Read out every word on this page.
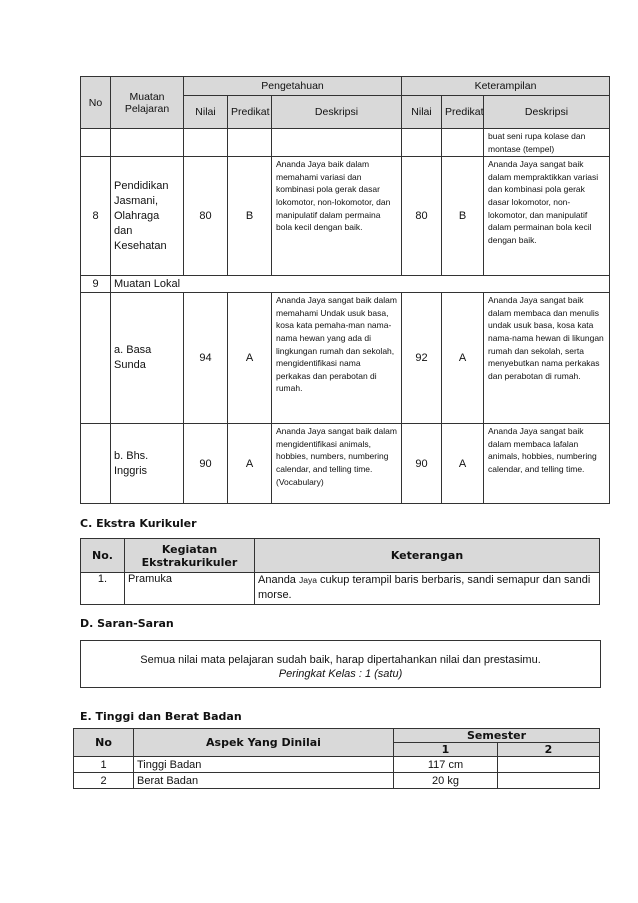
No	Muatan Pelajaran	Pengetahuan			Keterampilan		
		Nilai	Predikat	Deskripsi	Nilai	Predikat	Deskripsi
							buat seni rupa kolase dan montase (tempel)
8	Pendidikan Jasmani, Olahraga dan Kesehatan	80	B	Ananda Jaya baik dalam memahami variasi dan kombinasi pola gerak dasar lokomotor, non-lokomotor, dan manipulatif dalam permaina bola kecil dengan baik.	80	B	Ananda Jaya sangat baik dalam mempraktikkan variasi dan kombinasi pola gerak dasar lokomotor, non-lokomotor, dan manipulatif dalam permainan bola kecil dengan baik.
9	Muatan Lokal						
	a. Basa Sunda	94	A	Ananda Jaya sangat baik dalam memahami Undak usuk basa, kosa kata pemaha-man nama-nama hewan yang ada di lingkungan rumah dan sekolah, mengidentifikasi nama perkakas dan perabotan di rumah.	92	A	Ananda Jaya sangat baik dalam membaca dan menulis undak usuk basa, kosa kata nama-nama hewan di likungan rumah dan sekolah, serta menyebutkan nama perkakas dan perabotan di rumah.
	b. Bhs. Inggris	90	A	Ananda Jaya sangat baik dalam mengidentifikasi animals, hobbies, numbers, numbering calendar, and telling time. (Vocabulary)	90	A	Ananda Jaya sangat baik dalam membaca lafalan animals, hobbies, numbering calendar, and telling time.
C. Ekstra Kurikuler
No.	Kegiatan Ekstrakurikuler	Keterangan
1.	Pramuka	Ananda Jaya cukup terampil baris berbaris, sandi semapur dan sandi morse.
D. Saran-Saran
Semua nilai mata pelajaran sudah baik, harap dipertahankan nilai dan prestasimu.
Peringkat Kelas : 1 (satu)
E. Tinggi dan Berat Badan
No	Aspek Yang Dinilai	Semester	
		1	2
1	Tinggi Badan	117 cm	
2	Berat Badan	20 kg	
